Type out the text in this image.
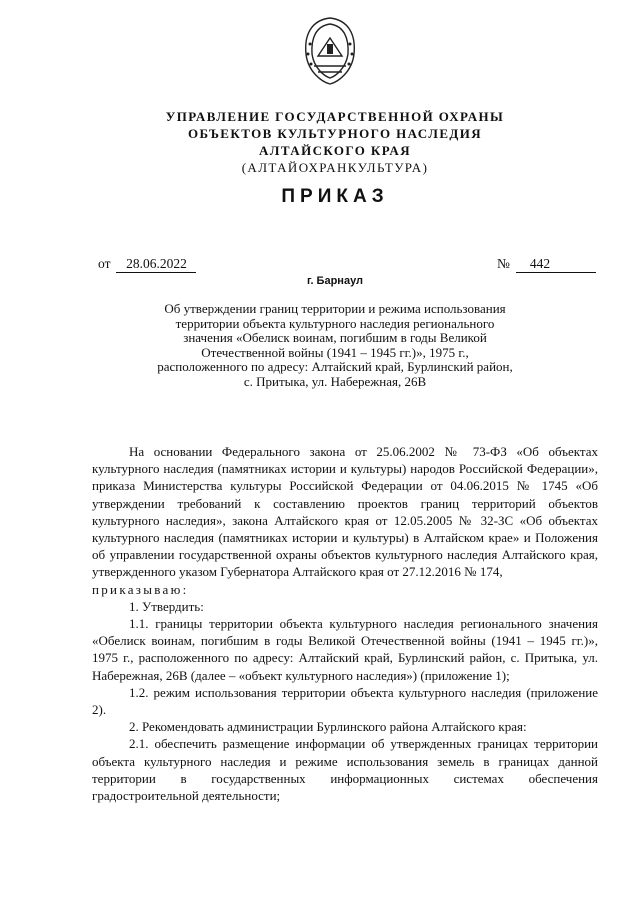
УПРАВЛЕНИЕ ГОСУДАРСТВЕННОЙ ОХРАНЫ
ОБЪЕКТОВ КУЛЬТУРНОГО НАСЛЕДИЯ
АЛТАЙСКОГО КРАЯ
(АЛТАЙОХРАНКУЛЬТУРА)
ПРИКАЗ
от 28.06.2022	№ 442
г. Барнаул
Об утверждении границ территории и режима использования
территории объекта культурного наследия регионального
значения «Обелиск воинам, погибшим в годы Великой
Отечественной войны (1941 – 1945 гг.)», 1975 г.,
расположенного по адресу: Алтайский край, Бурлинский район,
с. Притыка, ул. Набережная, 26В

На основании Федерального закона от 25.06.2002 № 73-ФЗ «Об объектах культурного наследия (памятниках истории и культуры) народов Российской Федерации», приказа Министерства культуры Российской Федерации от 04.06.2015 № 1745 «Об утверждении требований к составлению проектов границ территорий объектов культурного наследия», закона Алтайского края от 12.05.2005 № 32-ЗС «Об объектах культурного наследия (памятниках истории и культуры) в Алтайском крае» и Положения об управлении государственной охраны объектов культурного наследия Алтайского края, утвержденного указом Губернатора Алтайского края от 27.12.2016 № 174,

приказываю:

1. Утвердить:

1.1. границы территории объекта культурного наследия регионального значения «Обелиск воинам, погибшим в годы Великой Отечественной войны (1941 – 1945 гг.)», 1975 г., расположенного по адресу: Алтайский край, Бурлинский район, с. Притыка, ул. Набережная, 26В (далее – «объект культурного наследия») (приложение 1);

1.2. режим использования территории объекта культурного наследия (приложение 2).

2. Рекомендовать администрации Бурлинского района Алтайского края:

2.1. обеспечить размещение информации об утвержденных границах территории объекта культурного наследия и режиме использования земель в границах данной территории в государственных информационных системах обеспечения градостроительной деятельности;
